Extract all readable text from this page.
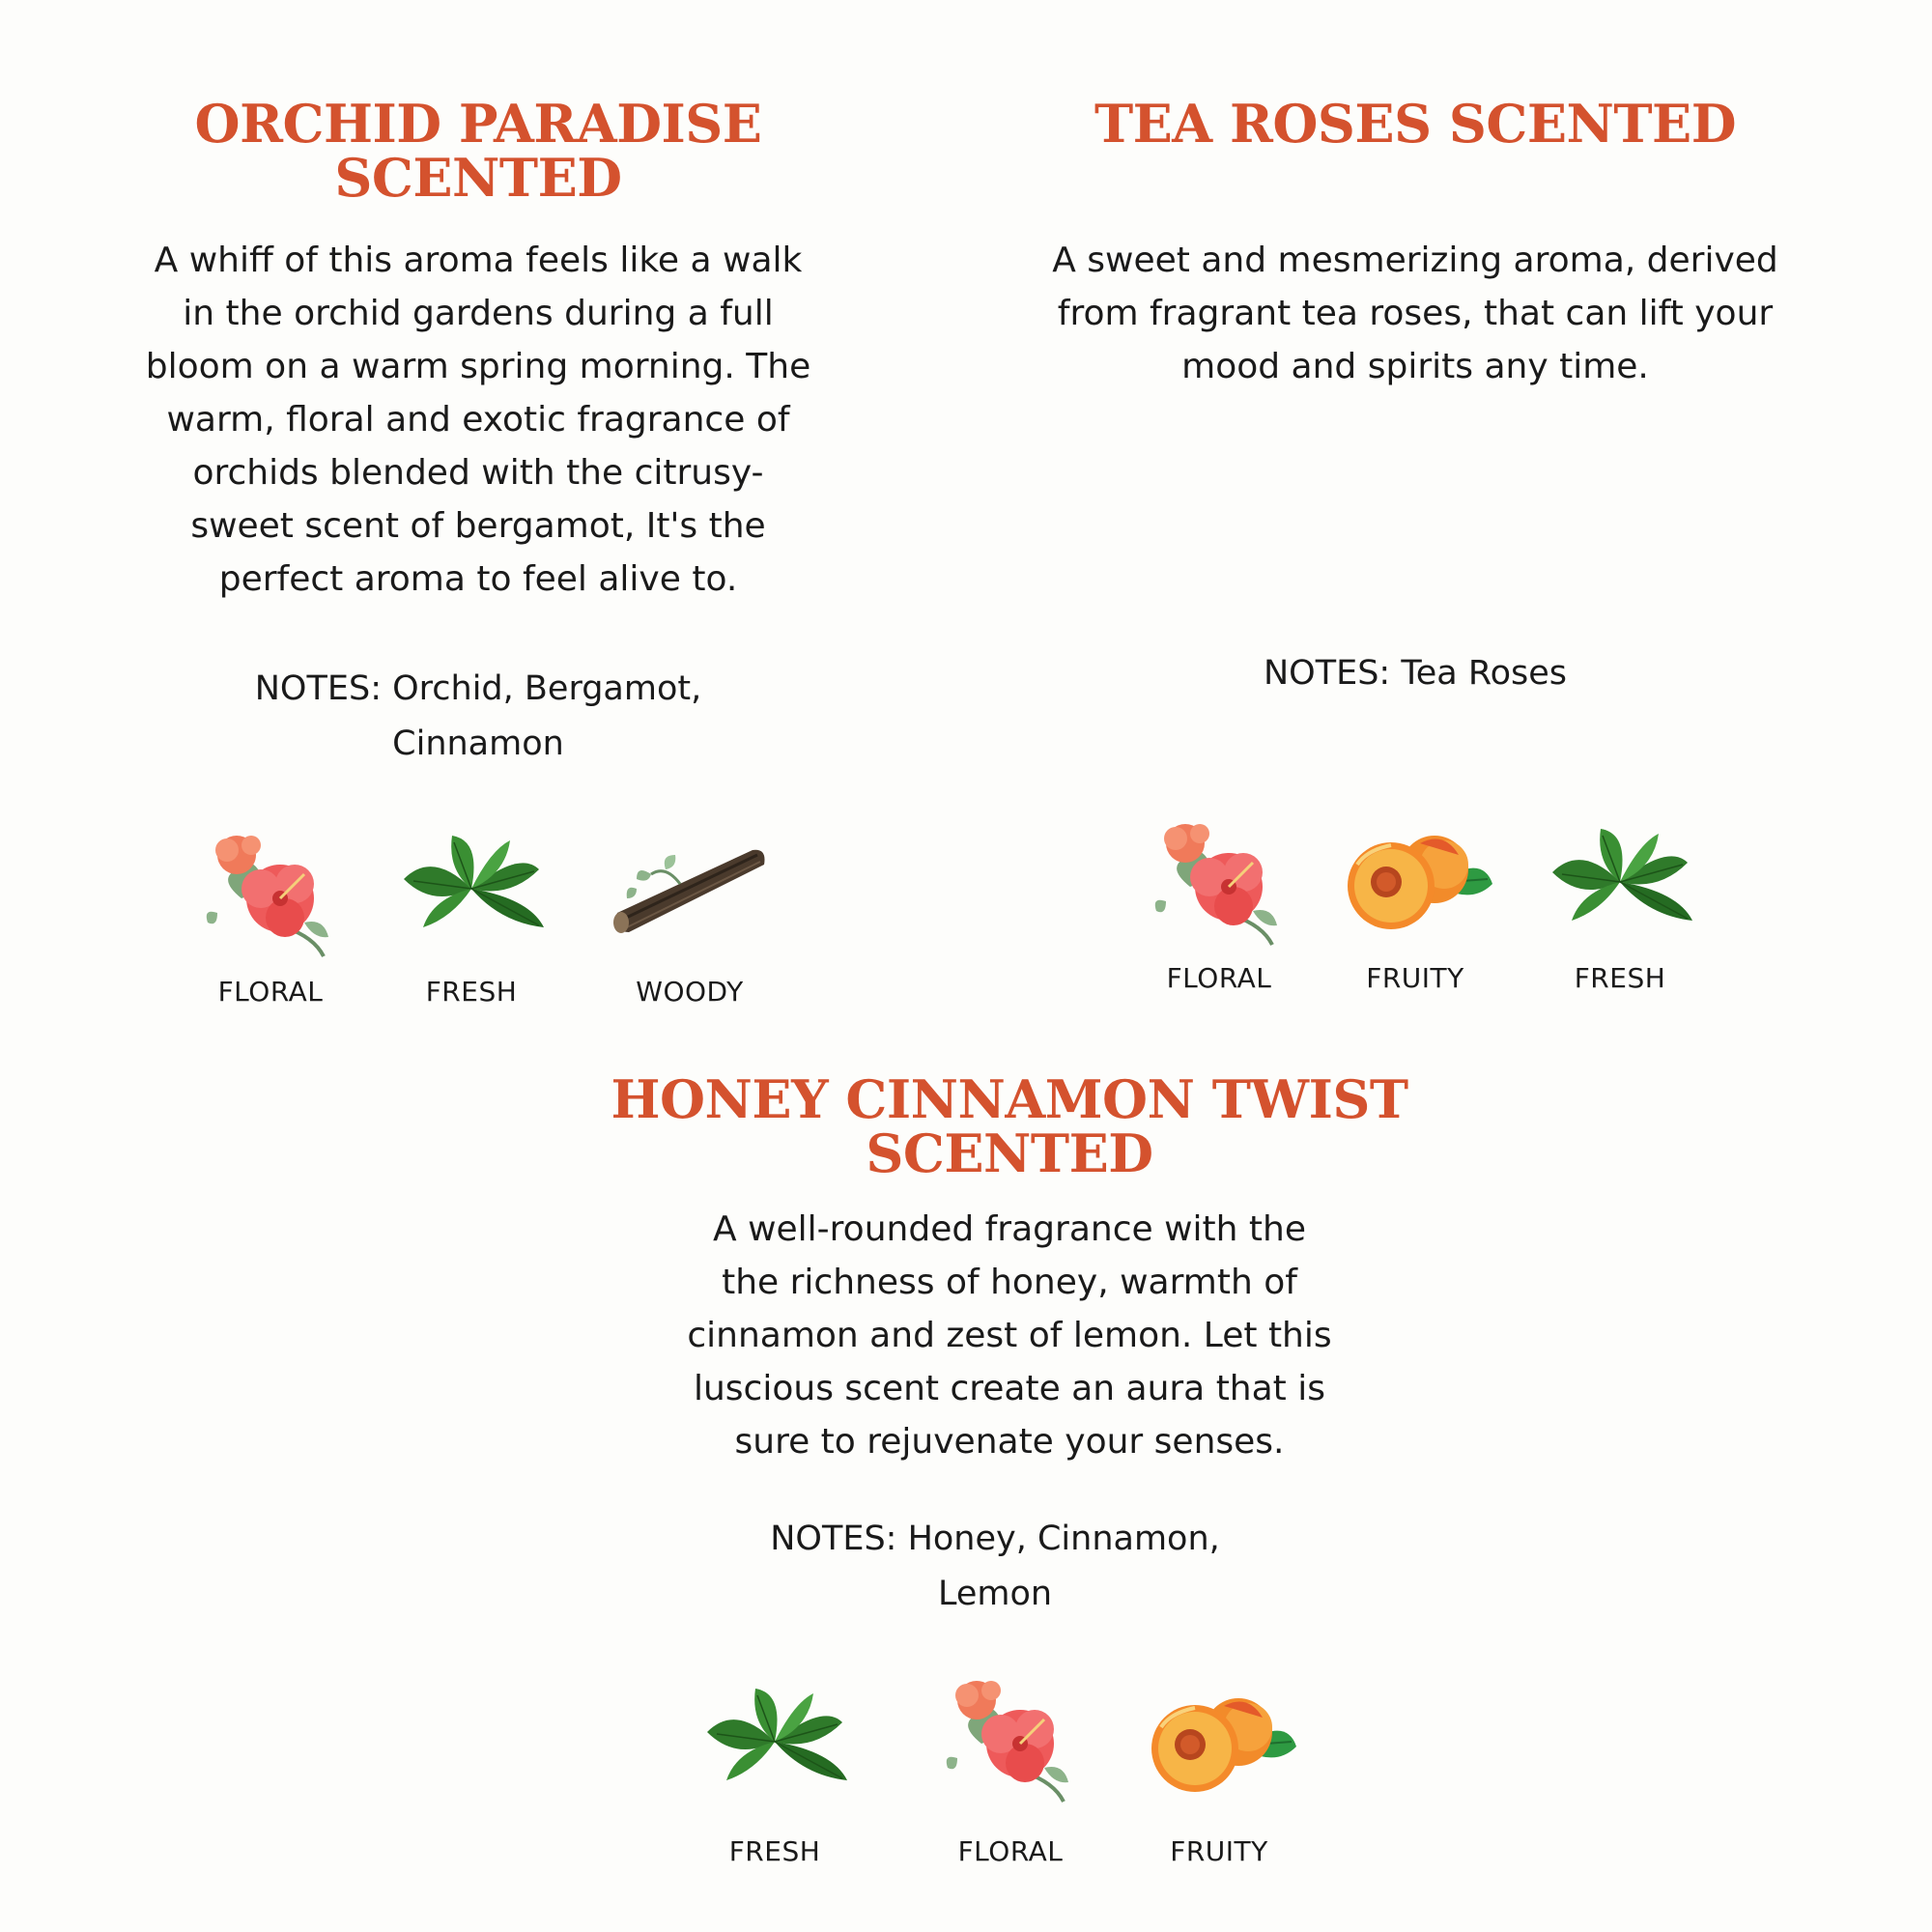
ORCHID PARADISE
SCENTED

A whiff of this aroma feels like a walk
in the orchid gardens during a full
bloom on a warm spring morning. The
warm, floral and exotic fragrance of
orchids blended with the citrusy-
sweet scent of bergamot, It's the
perfect aroma to feel alive to.

NOTES: Orchid, Bergamot,
Cinnamon

FLORAL	FRESH	WOODY
TEA ROSES SCENTED

A sweet and mesmerizing aroma, derived
from fragrant tea roses, that can lift your
mood and spirits any time.

NOTES: Tea Roses

FLORAL	FRUITY	FRESH
HONEY CINNAMON TWIST
SCENTED

A well-rounded fragrance with the
the richness of honey, warmth of
cinnamon and zest of lemon. Let this
luscious scent create an aura that is
sure to rejuvenate your senses.

NOTES: Honey, Cinnamon,
Lemon

FRESH	FLORAL	FRUITY
